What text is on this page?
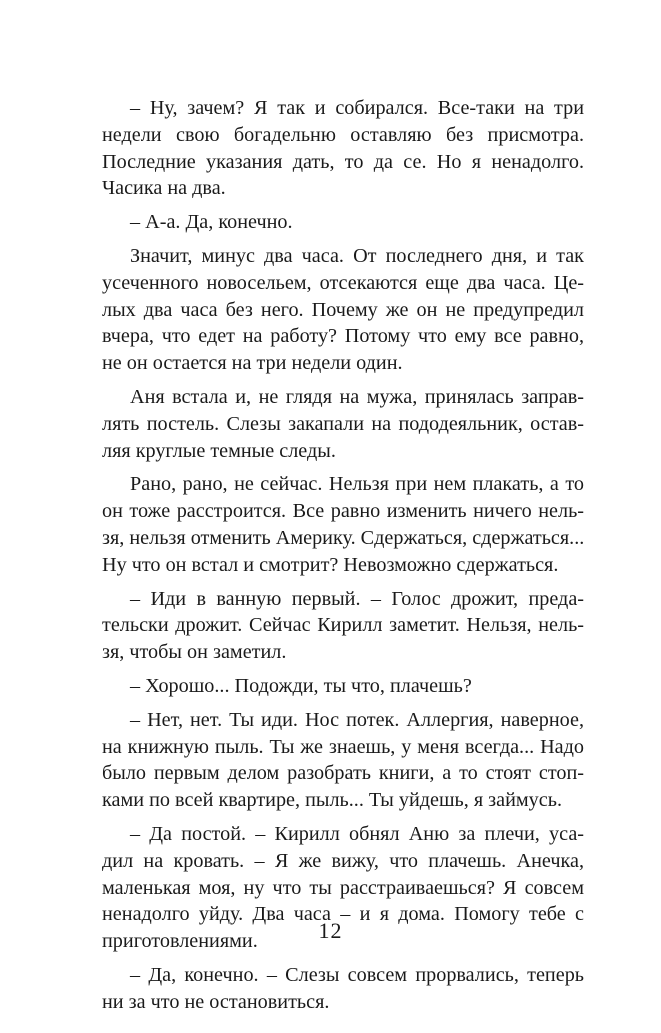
– Ну, зачем? Я так и собирался. Все-таки на три
недели свою богадельню оставляю без присмотра.
Последние указания дать, то да се. Но я ненадолго.
Часика на два.
– А-а. Да, конечно.
Значит, минус два часа. От последнего дня, и так
усеченного новосельем, отсекаются еще два часа. Це-
лых два часа без него. Почему же он не предупредил
вчера, что едет на работу? Потому что ему все равно,
не он остается на три недели один.
Аня встала и, не глядя на мужа, принялась заправ-
лять постель. Слезы закапали на пододеяльник, остав-
ляя круглые темные следы.
Рано, рано, не сейчас. Нельзя при нем плакать, а то
он тоже расстроится. Все равно изменить ничего нель-
зя, нельзя отменить Америку. Сдержаться, сдержаться...
Ну что он встал и смотрит? Невозможно сдержаться.
– Иди в ванную первый. – Голос дрожит, преда-
тельски дрожит. Сейчас Кирилл заметит. Нельзя, нель-
зя, чтобы он заметил.
– Хорошо... Подожди, ты что, плачешь?
– Нет, нет. Ты иди. Нос потек. Аллергия, наверное,
на книжную пыль. Ты же знаешь, у меня всегда... Надо
было первым делом разобрать книги, а то стоят стоп-
ками по всей квартире, пыль... Ты уйдешь, я займусь.
– Да постой. – Кирилл обнял Аню за плечи, уса-
дил на кровать. – Я же вижу, что плачешь. Анечка,
маленькая моя, ну что ты расстраиваешься? Я совсем
ненадолго уйду. Два часа – и я дома. Помогу тебе с
приготовлениями.
– Да, конечно. – Слезы совсем прорвались, теперь
ни за что не остановиться.
12
